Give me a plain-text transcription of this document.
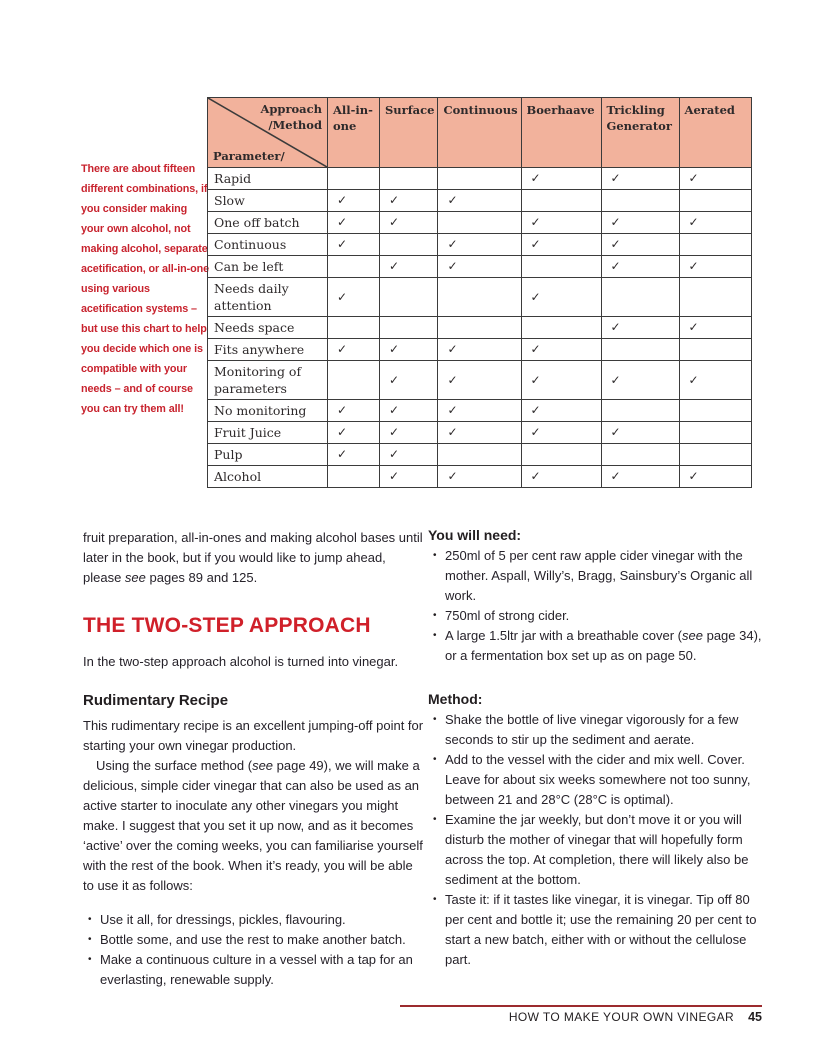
There are about fifteen different combinations, if you consider making your own alcohol, not making alcohol, separate acetification, or all-in-one using various acetification systems – but use this chart to help you decide which one is compatible with your needs – and of course you can try them all!
Approach
/Method
Parameter/	All-in-one	Surface	Continuous	Boerhaave	Trickling Generator	Aerated
Rapid				✓	✓	✓
Slow	✓	✓	✓			
One off batch	✓	✓		✓	✓	✓
Continuous	✓		✓	✓	✓	
Can be left		✓	✓		✓	✓
Needs daily attention	✓			✓		
Needs space					✓	✓
Fits anywhere	✓	✓	✓	✓		
Monitoring of parameters		✓	✓	✓	✓	✓
No monitoring	✓	✓	✓	✓		
Fruit Juice	✓	✓	✓	✓	✓	
Pulp	✓	✓				
Alcohol		✓	✓	✓	✓	✓

fruit preparation, all-in-ones and making alcohol bases until later in the book, but if you would like to jump ahead, please see pages 89 and 125.

THE TWO-STEP APPROACH

In the two-step approach alcohol is turned into vinegar.

Rudimentary Recipe

This rudimentary recipe is an excellent jumping-off point for starting your own vinegar production.

Using the surface method (see page 49), we will make a delicious, simple cider vinegar that can also be used as an active starter to inoculate any other vinegars you might make. I suggest that you set it up now, and as it becomes ‘active’ over the coming weeks, you can familiarise yourself with the rest of the book. When it’s ready, you will be able to use it as follows:

• Use it all, for dressings, pickles, flavouring.
• Bottle some, and use the rest to make another batch.
• Make a continuous culture in a vessel with a tap for an everlasting, renewable supply.
You will need:
• 250ml of 5 per cent raw apple cider vinegar with the mother. Aspall, Willy’s, Bragg, Sainsbury’s Organic all work.
• 750ml of strong cider.
• A large 1.5ltr jar with a breathable cover (see page 34), or a fermentation box set up as on page 50.
Method:
• Shake the bottle of live vinegar vigorously for a few seconds to stir up the sediment and aerate.
• Add to the vessel with the cider and mix well. Cover. Leave for about six weeks somewhere not too sunny, between 21 and 28°C (28°C is optimal).
• Examine the jar weekly, but don’t move it or you will disturb the mother of vinegar that will hopefully form across the top. At completion, there will likely also be sediment at the bottom.
• Taste it: if it tastes like vinegar, it is vinegar. Tip off 80 per cent and bottle it; use the remaining 20 per cent to start a new batch, either with or without the cellulose part.
HOW TO MAKE YOUR OWN VINEGAR 45
